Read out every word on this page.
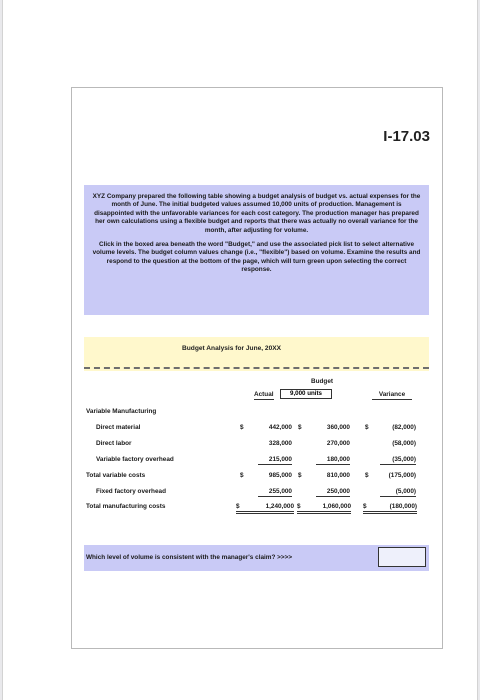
I-17.03

XYZ Company prepared the following table showing a budget analysis of budget vs. actual expenses for the month of June. The initial budgeted values assumed 10,000 units of production. Management is disappointed with the unfavorable variances for each cost category. The production manager has prepared her own calculations using a flexible budget and reports that there was actually no overall variance for the month, after adjusting for volume.

Click in the boxed area beneath the word "Budget," and use the associated pick list to select alternative volume levels. The budget column values change (i.e., "flexible") based on volume. Examine the results and respond to the question at the bottom of the page, which will turn green upon selecting the correct response.

Budget Analysis for June, 20XX
Budget
Actual	9,000 units	Variance
Variable Manufacturing
Direct material	$	442,000 $	360,000 $	(82,000)
Direct labor	328,000	270,000	(58,000)
Variable factory overhead	215,000	180,000	(35,000)
Total variable costs	$	985,000 $	810,000 $	(175,000)
Fixed factory overhead	255,000	250,000	(5,000)
Total manufacturing costs	$	1,240,000 $	1,060,000 $	(180,000)
Which level of volume is consistent with the manager's claim? >>>>
